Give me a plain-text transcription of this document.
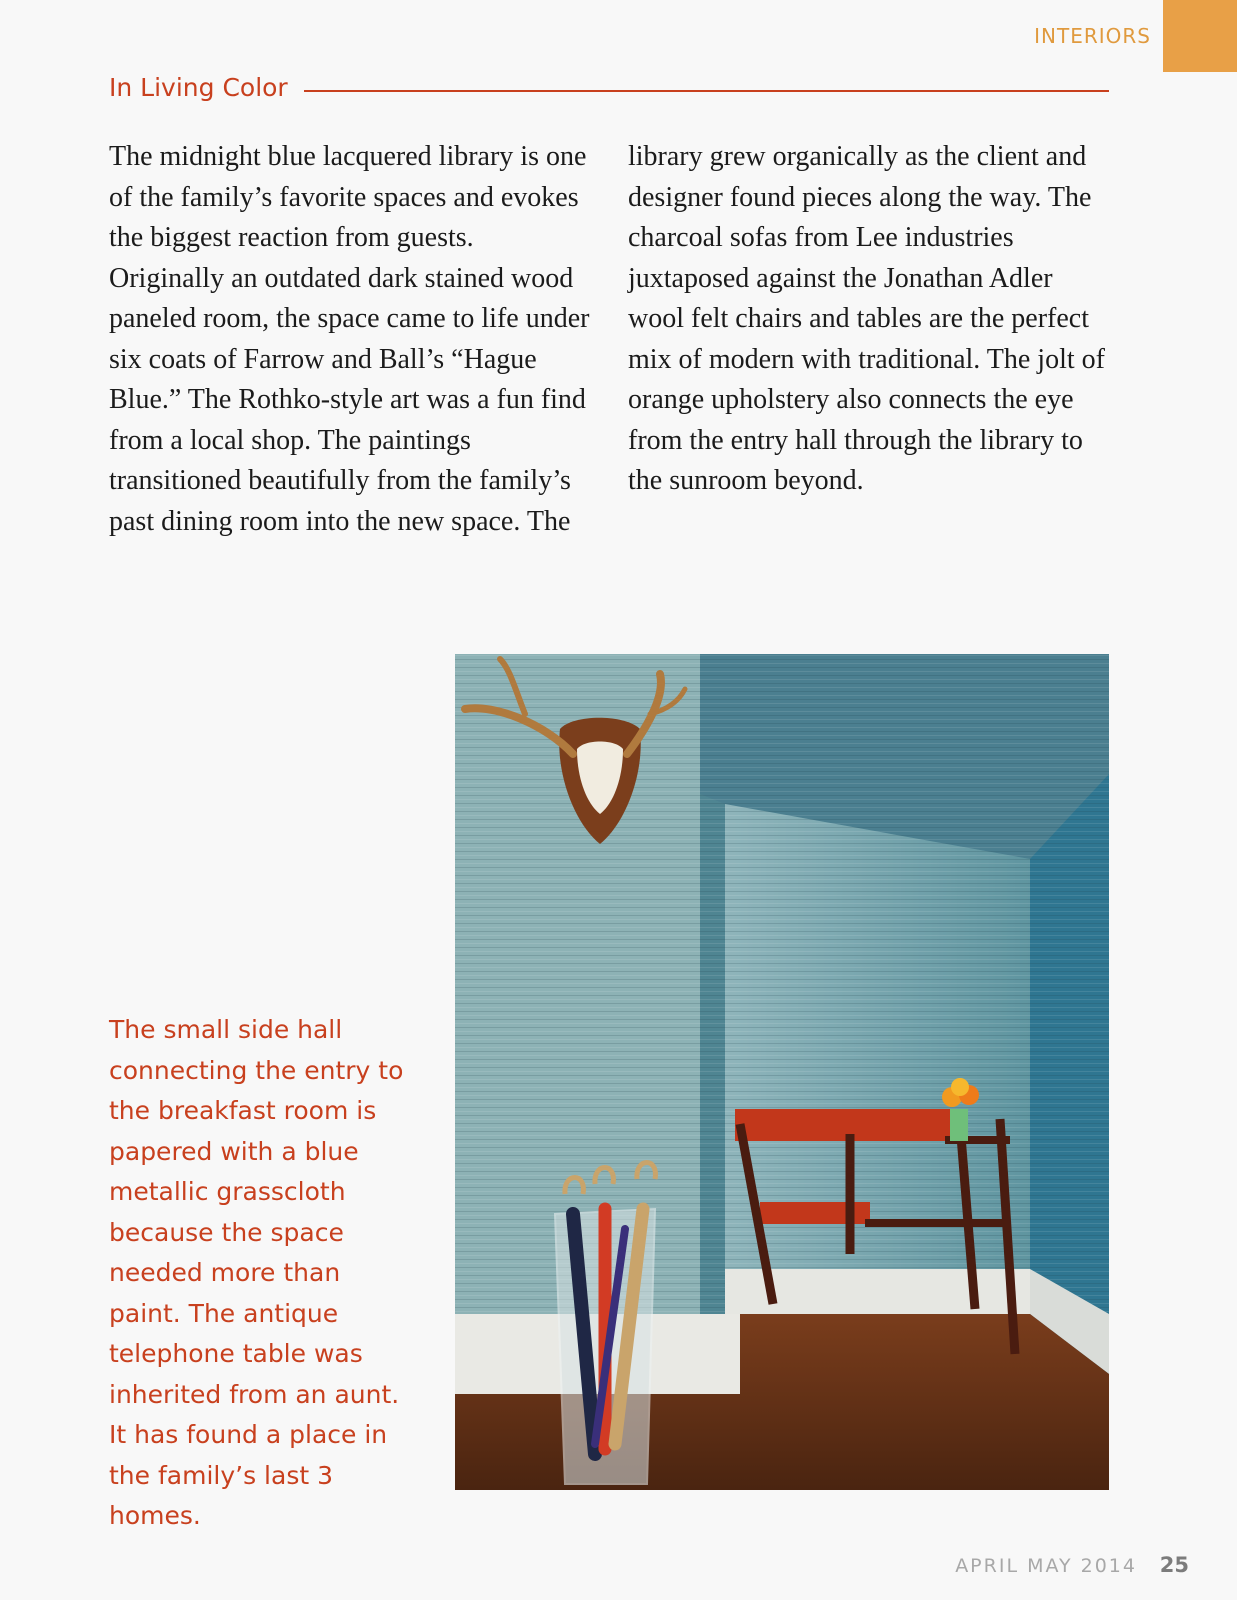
INTERIORS
In Living Color

The midnight blue lacquered library is one of the family’s favorite spaces and evokes the biggest reaction from guests. Originally an outdated dark stained wood paneled room, the space came to life under six coats of Farrow and Ball’s “Hague Blue.” The Rothko-style art was a fun find from a local shop. The paintings transitioned beautifully from the family’s past dining room into the new space. The library grew organically as the client and designer found pieces along the way. The charcoal sofas from Lee industries juxtaposed against the Jonathan Adler wool felt chairs and tables are the perfect mix of modern with traditional. The jolt of orange upholstery also connects the eye from the entry hall through the library to the sunroom beyond.

The small side hall connecting the entry to the breakfast room is papered with a blue metallic grasscloth because the space needed more than paint. The antique telephone table was inherited from an aunt. It has found a place in the family’s last 3 homes.

APRIL MAY 2014 25
